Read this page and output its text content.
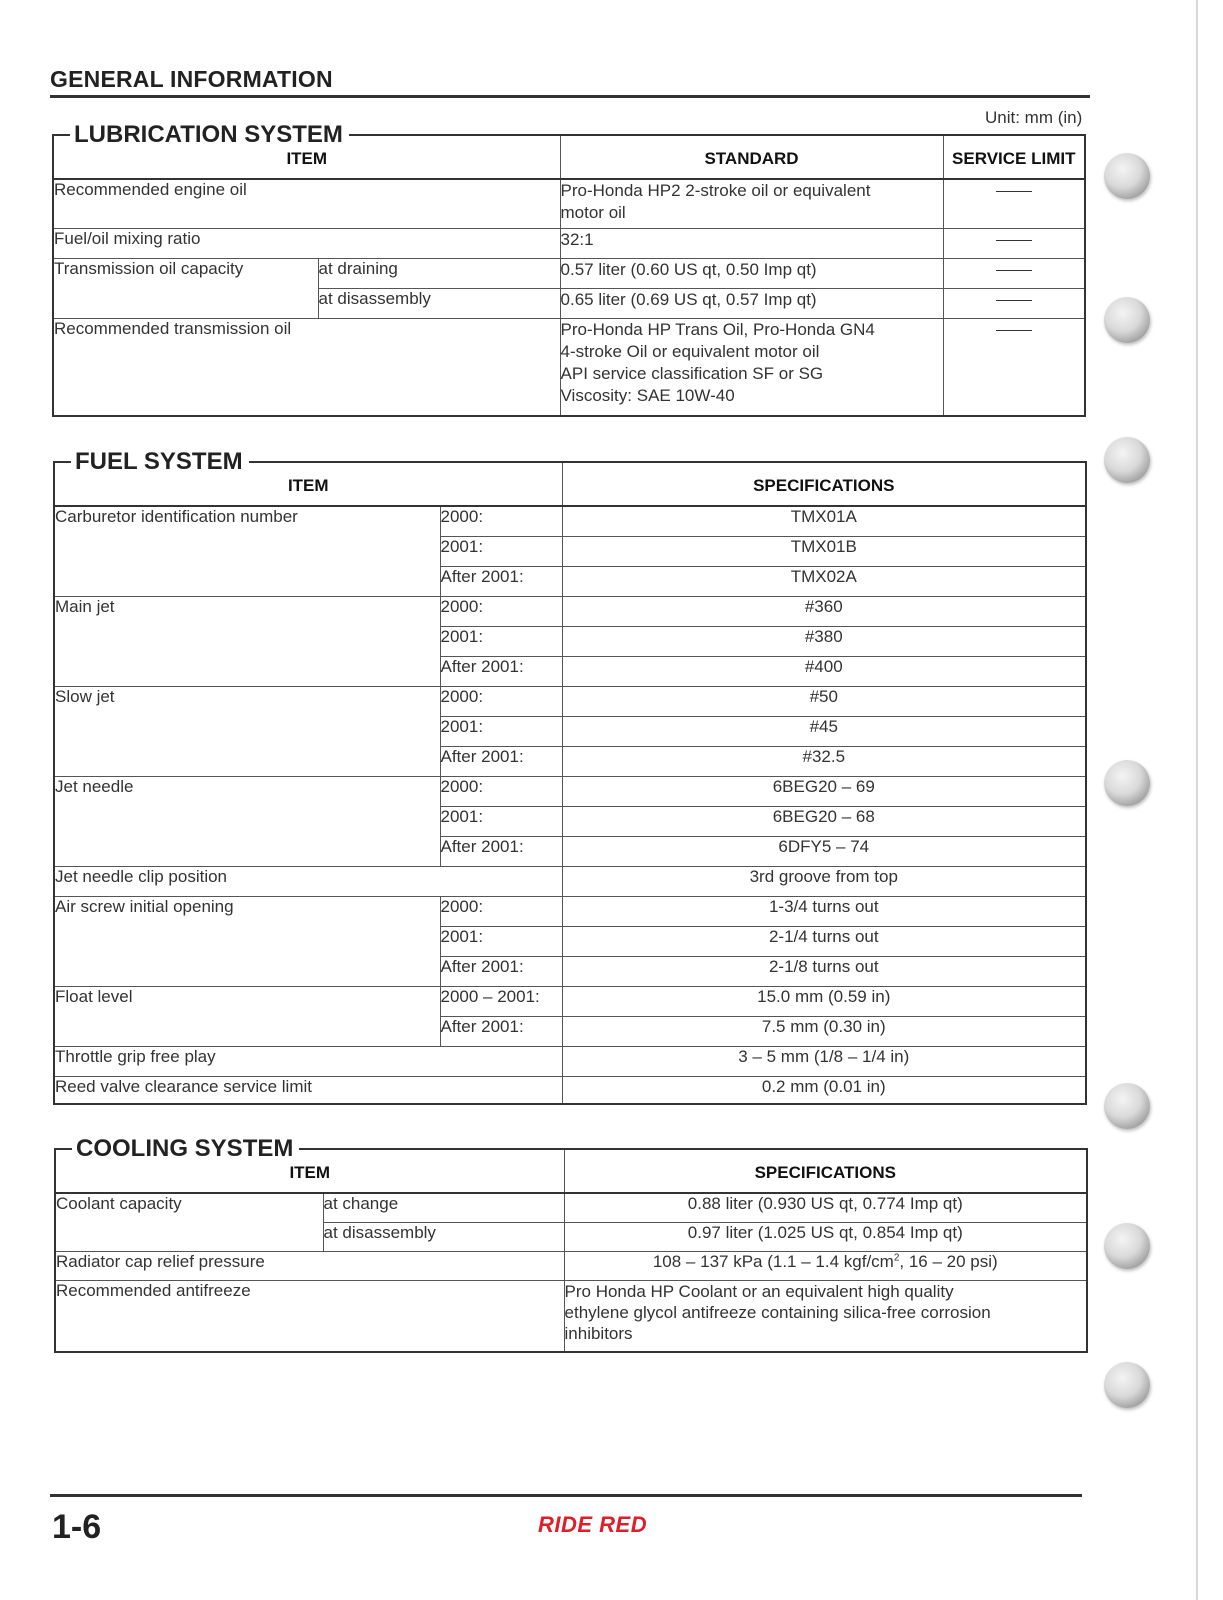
GENERAL INFORMATION
Unit: mm (in)
LUBRICATION SYSTEM
ITEM		STANDARD	SERVICE LIMIT
Recommended engine oil		Pro-Honda HP2 2-stroke oil or equivalent
motor oil	

Fuel/oil mixing ratio		32:1	
Transmission oil capacity	at draining	0.57 liter (0.60 US qt, 0.50 Imp qt)	
	at disassembly	0.65 liter (0.69 US qt, 0.57 Imp qt)	
Recommended transmission oil		Pro-Honda HP Trans Oil, Pro-Honda GN4
4-stroke Oil or equivalent motor oil
API service classification SF or SG
Viscosity: SAE 10W-40	

FUEL SYSTEM
ITEM		SPECIFICATIONS
Carburetor identification number	2000:	TMX01A
	2001:	TMX01B
	After 2001:	TMX02A
Main jet	2000:	#360
	2001:	#380
	After 2001:	#400
Slow jet	2000:	#50
	2001:	#45
	After 2001:	#32.5
Jet needle	2000:	6BEG20 – 69
	2001:	6BEG20 – 68
	After 2001:	6DFY5 – 74
Jet needle clip position		3rd groove from top
Air screw initial opening	2000:	1-3/4 turns out
	2001:	2-1/4 turns out
	After 2001:	2-1/8 turns out
Float level	2000 – 2001:	15.0 mm (0.59 in)
	After 2001:	7.5 mm (0.30 in)
Throttle grip free play		3 – 5 mm (1/8 – 1/4 in)
Reed valve clearance service limit		0.2 mm (0.01 in)
COOLING SYSTEM
ITEM		SPECIFICATIONS
Coolant capacity	at change	0.88 liter (0.930 US qt, 0.774 Imp qt)
	at disassembly	0.97 liter (1.025 US qt, 0.854 Imp qt)
Radiator cap relief pressure		108 – 137 kPa (1.1 – 1.4 kgf/$cm^2$, 16 – 20 psi)
Recommended antifreeze		Pro Honda HP Coolant or an equivalent high quality
ethylene glycol antifreeze containing silica-free corrosion
inhibitors
1-6	RIDE RED
